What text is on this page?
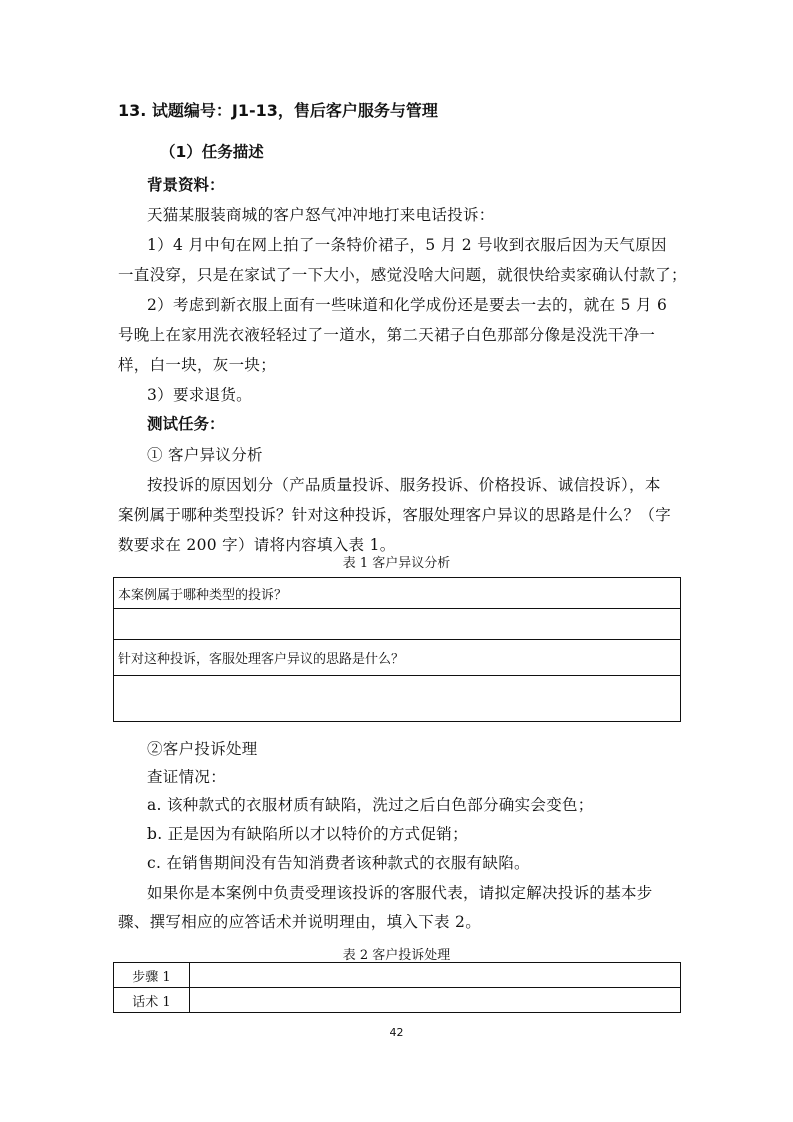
13. 试题编号：J1-13，售后客户服务与管理
（1）任务描述
背景资料：
天猫某服装商城的客户怒气冲冲地打来电话投诉：
1）4 月中旬在网上拍了一条特价裙子，5 月 2 号收到衣服后因为天气原因
一直没穿，只是在家试了一下大小，感觉没啥大问题，就很快给卖家确认付款了；
2）考虑到新衣服上面有一些味道和化学成份还是要去一去的，就在 5 月 6
号晚上在家用洗衣液轻轻过了一道水，第二天裙子白色那部分像是没洗干净一
样，白一块，灰一块；
3）要求退货。
测试任务：
① 客户异议分析
按投诉的原因划分（产品质量投诉、服务投诉、价格投诉、诚信投诉），本
案例属于哪种类型投诉？针对这种投诉，客服处理客户异议的思路是什么？（字
数要求在 200 字）请将内容填入表 1。
表 1 客户异议分析
本案例属于哪种类型的投诉？

针对这种投诉，客服处理客户异议的思路是什么？

②客户投诉处理
查证情况：
a. 该种款式的衣服材质有缺陷，洗过之后白色部分确实会变色；
b. 正是因为有缺陷所以才以特价的方式促销；
c. 在销售期间没有告知消费者该种款式的衣服有缺陷。
如果你是本案例中负责受理该投诉的客服代表，请拟定解决投诉的基本步
骤、撰写相应的应答话术并说明理由，填入下表 2。
表 2 客户投诉处理
步骤 1	
话术 1	
42
